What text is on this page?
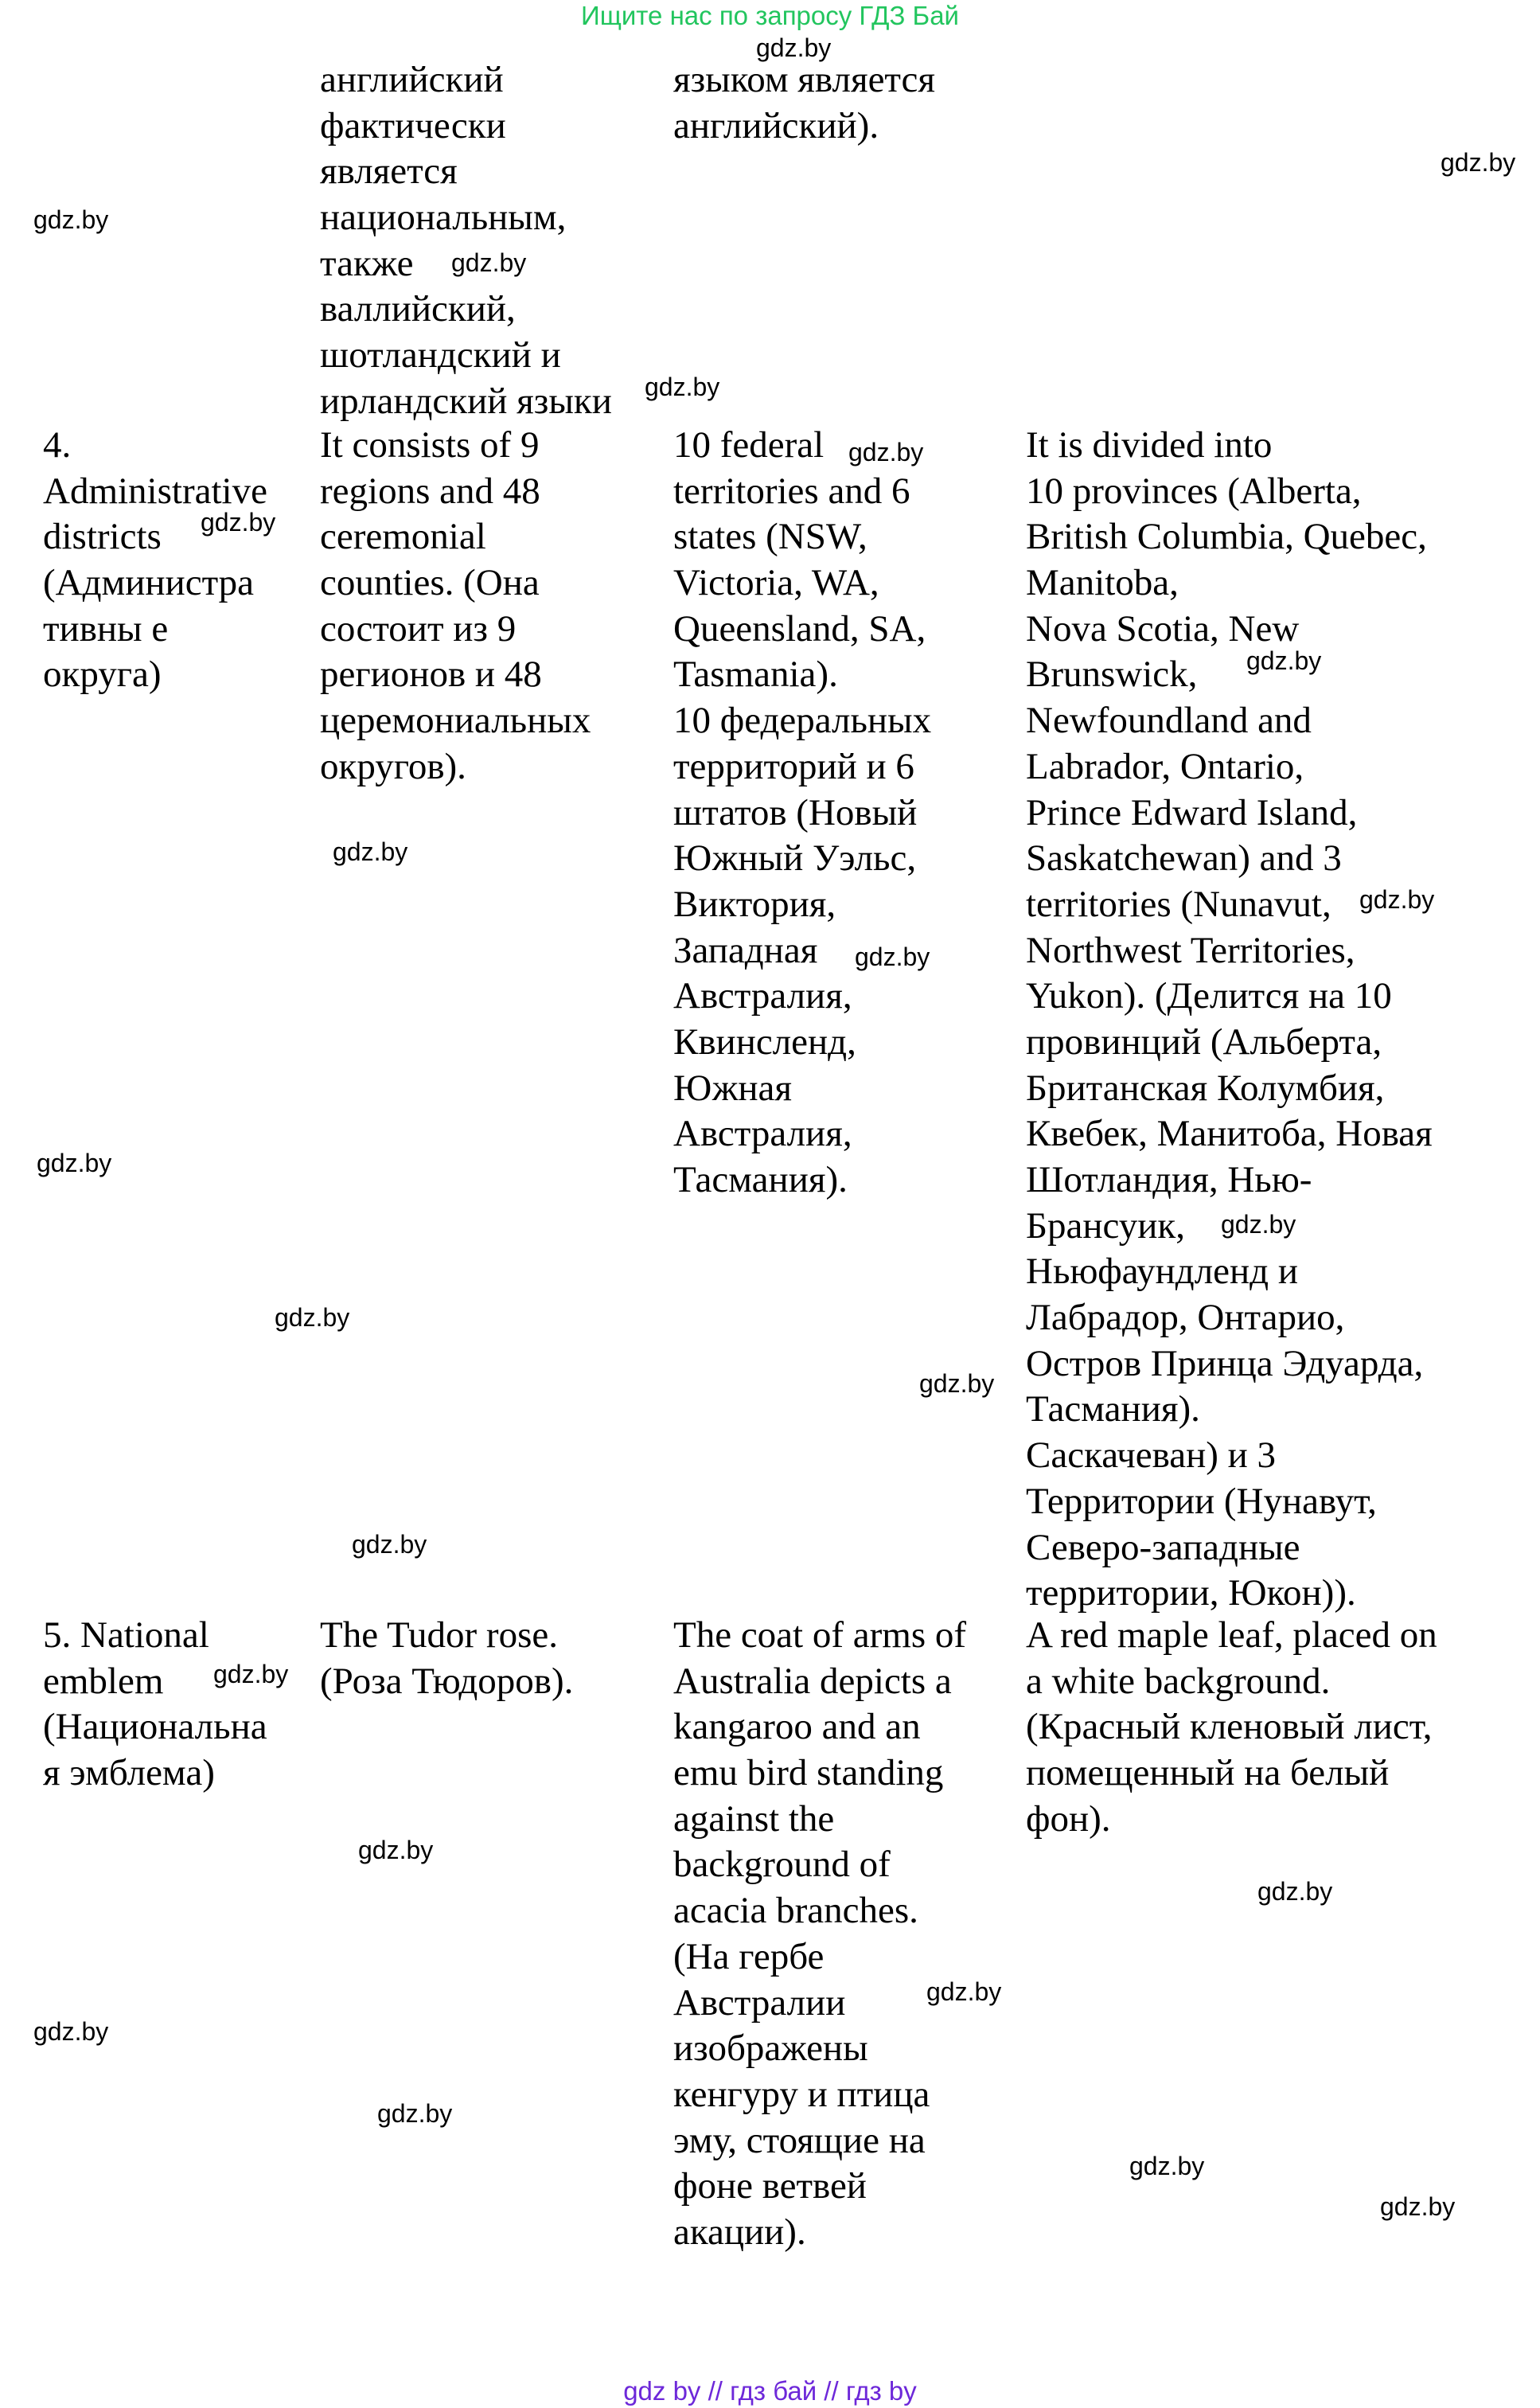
Ищите нас по запросу ГДЗ Бай
английский
фактически
является
национальным,
также
валлийский,
шотландский и
ирландский языки
языком является
английский).
4.
Administrative
districts
(Администра
тивны е
округа)
It consists of 9
regions and 48
ceremonial
counties. (Она
состоит из 9
регионов и 48
церемониальных
округов).
10 federal
territories and 6
states (NSW,
Victoria, WA,
Queensland, SA,
Tasmania).
10 федеральных
территорий и 6
штатов (Новый
Южный Уэльс,
Виктория,
Западная
Австралия,
Квинсленд,
Южная
Австралия,
Тасмания).
It is divided into
10 provinces (Alberta,
British Columbia, Quebec,
Manitoba,
Nova Scotia, New
Brunswick,
Newfoundland and
Labrador, Ontario,
Prince Edward Island,
Saskatchewan) and 3
territories (Nunavut,
Northwest Territories,
Yukon). (Делится на 10
провинций (Альберта,
Британская Колумбия,
Квебек, Манитоба, Новая
Шотландия, Нью-
Брансуик,
Ньюфаундленд и
Лабрадор, Онтарио,
Остров Принца Эдуарда,
Тасмания).
Саскачеван) и 3
Территории (Нунавут,
Северо-западные
территории, Юкон)).
5. National
emblem
(Национальна
я эмблема)
The Tudor rose.
(Роза Тюдоров).
The coat of arms of
Australia depicts a
kangaroo and an
emu bird standing
against the
background of
acacia branches.
(На гербе
Австралии
изображены
кенгуру и птица
эму, стоящие на
фоне ветвей
акации).
A red maple leaf, placed on
a white background.
(Красный кленовый лист,
помещенный на белый
фон).
gdz.by
gdz.by
gdz.by
gdz.by
gdz.by
gdz.by
gdz.by
gdz.by
gdz.by
gdz.by
gdz.by
gdz.by
gdz.by
gdz.by
gdz.by
gdz.by
gdz.by
gdz.by
gdz.by
gdz.by
gdz.by
gdz.by
gdz.by
gdz.by
gdz by // гдз бай // гдз by
